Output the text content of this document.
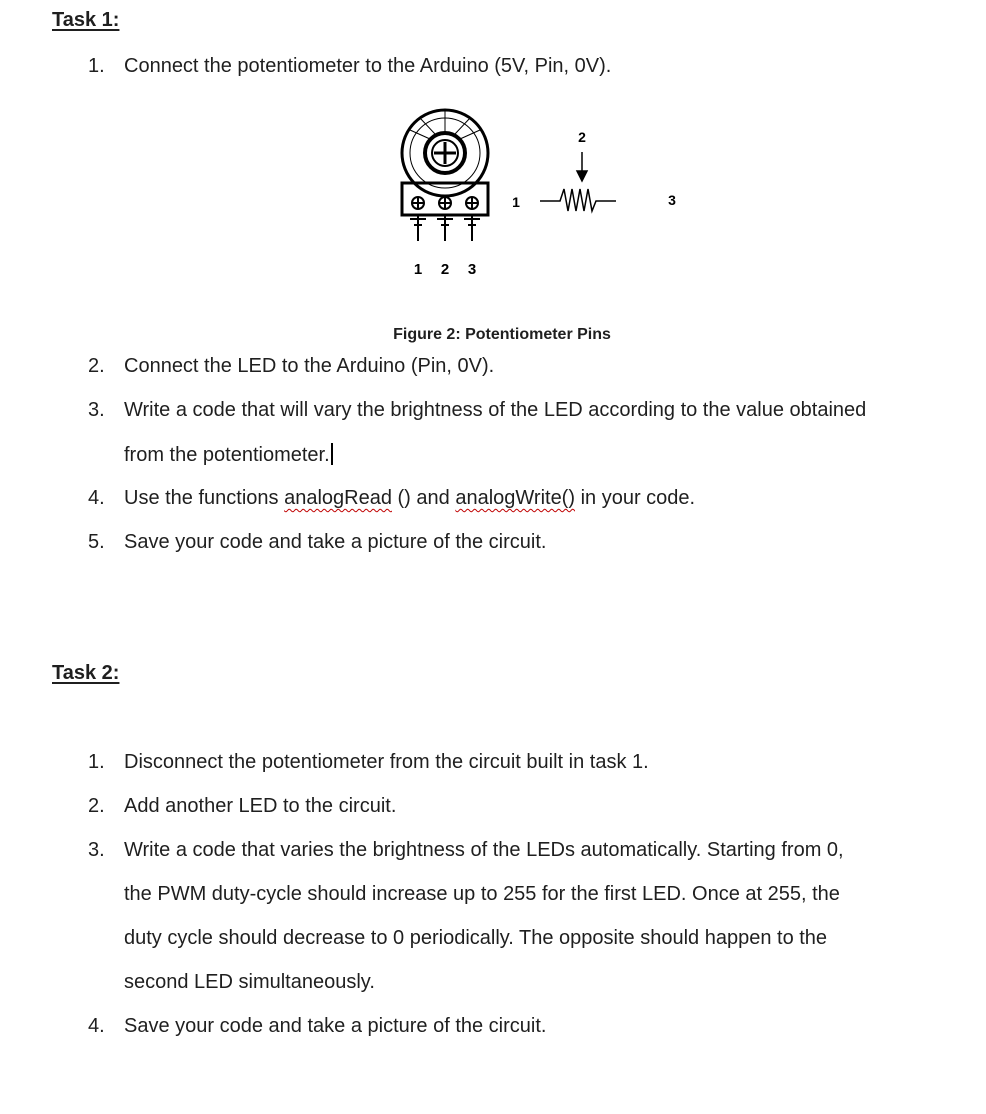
Task 1:
1. Connect the potentiometer to the Arduino (5V, Pin, 0V).
1 2 3
1
2
3
Figure 2: Potentiometer Pins
2. Connect the LED to the Arduino (Pin, 0V).
3. Write a code that will vary the brightness of the LED according to the value obtained
from the potentiometer.
4. Use the functions analogRead () and analogWrite() in your code.
5. Save your code and take a picture of the circuit.
Task 2:
1. Disconnect the potentiometer from the circuit built in task 1.
2. Add another LED to the circuit.
3. Write a code that varies the brightness of the LEDs automatically. Starting from 0,
the PWM duty-cycle should increase up to 255 for the first LED. Once at 255, the
duty cycle should decrease to 0 periodically. The opposite should happen to the
second LED simultaneously.
4. Save your code and take a picture of the circuit.
